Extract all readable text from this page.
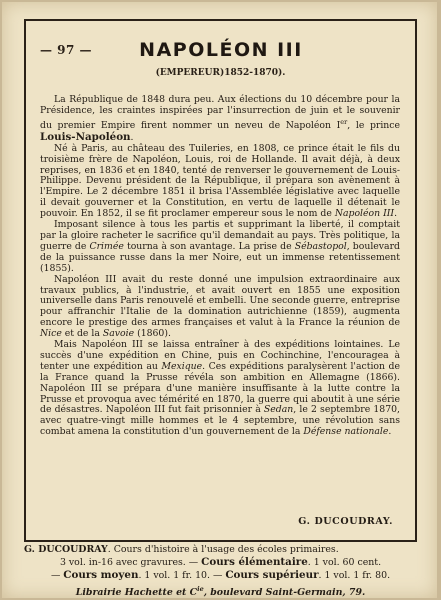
— 97 —	NAPOLÉON III
(EMPEREUR)1852-1870).

La République de 1848 dura peu. Aux élections du 10 décembre pour la Présidence, les craintes inspirées par l'insurrection de juin et le souvenir du premier Empire firent nommer un neveu de Napoléon Ier, le prince Louis-Napoléon.

Né à Paris, au château des Tuileries, en 1808, ce prince était le fils du troisième frère de Napoléon, Louis, roi de Hollande. Il avait déjà, à deux reprises, en 1836 et en 1840, tenté de renverser le gouvernement de Louis-Philippe. Devenu président de la République, il prépara son avènement à l'Empire. Le 2 décembre 1851 il brisa l'Assemblée législative avec laquelle il devait gouverner et la Constitution, en vertu de laquelle il détenait le pouvoir. En 1852, il se fit proclamer empereur sous le nom de Napoléon III.

Imposant silence à tous les partis et supprimant la liberté, il comptait par la gloire racheter le sacrifice qu'il demandait au pays. Très politique, la guerre de Crimée tourna à son avantage. La prise de Sébastopol, boulevard de la puissance russe dans la mer Noire, eut un immense retentissement (1855).

Napoléon III avait du reste donné une impulsion extraordinaire aux travaux publics, à l'industrie, et avait ouvert en 1855 une exposition universelle dans Paris renouvelé et embelli. Une seconde guerre, entreprise pour affranchir l'Italie de la domination autrichienne (1859), augmenta encore le prestige des armes françaises et valut à la France la réunion de Nice et de la Savoie (1860).

Mais Napoléon III se laissa entraîner à des expéditions lointaines. Le succès d'une expédition en Chine, puis en Cochinchine, l'encouragea à tenter une expédition au Mexique. Ces expéditions paralysèrent l'action de la France quand la Prusse révéla son ambition en Allemagne (1866). Napoléon III se prépara d'une manière insuffisante à la lutte contre la Prusse et provoqua avec témérité en 1870, la guerre qui aboutit à une série de désastres. Napoléon III fut fait prisonnier à Sedan, le 2 septembre 1870, avec quatre-vingt mille hommes et le 4 septembre, une révolution sans combat amena la constitution d'un gouvernement de la Défense nationale.

G. DUCOUDRAY.
G. DUCOUDRAY. Cours d'histoire à l'usage des écoles primaires.
3 vol. in-16 avec gravures. — Cours élémentaire. 1 vol. 60 cent.
— Cours moyen. 1 vol. 1 fr. 10. — Cours supérieur. 1 vol. 1 fr. 80.
Librairie Hachette et $C^{ie}$, boulevard Saint-Germain, 79.
